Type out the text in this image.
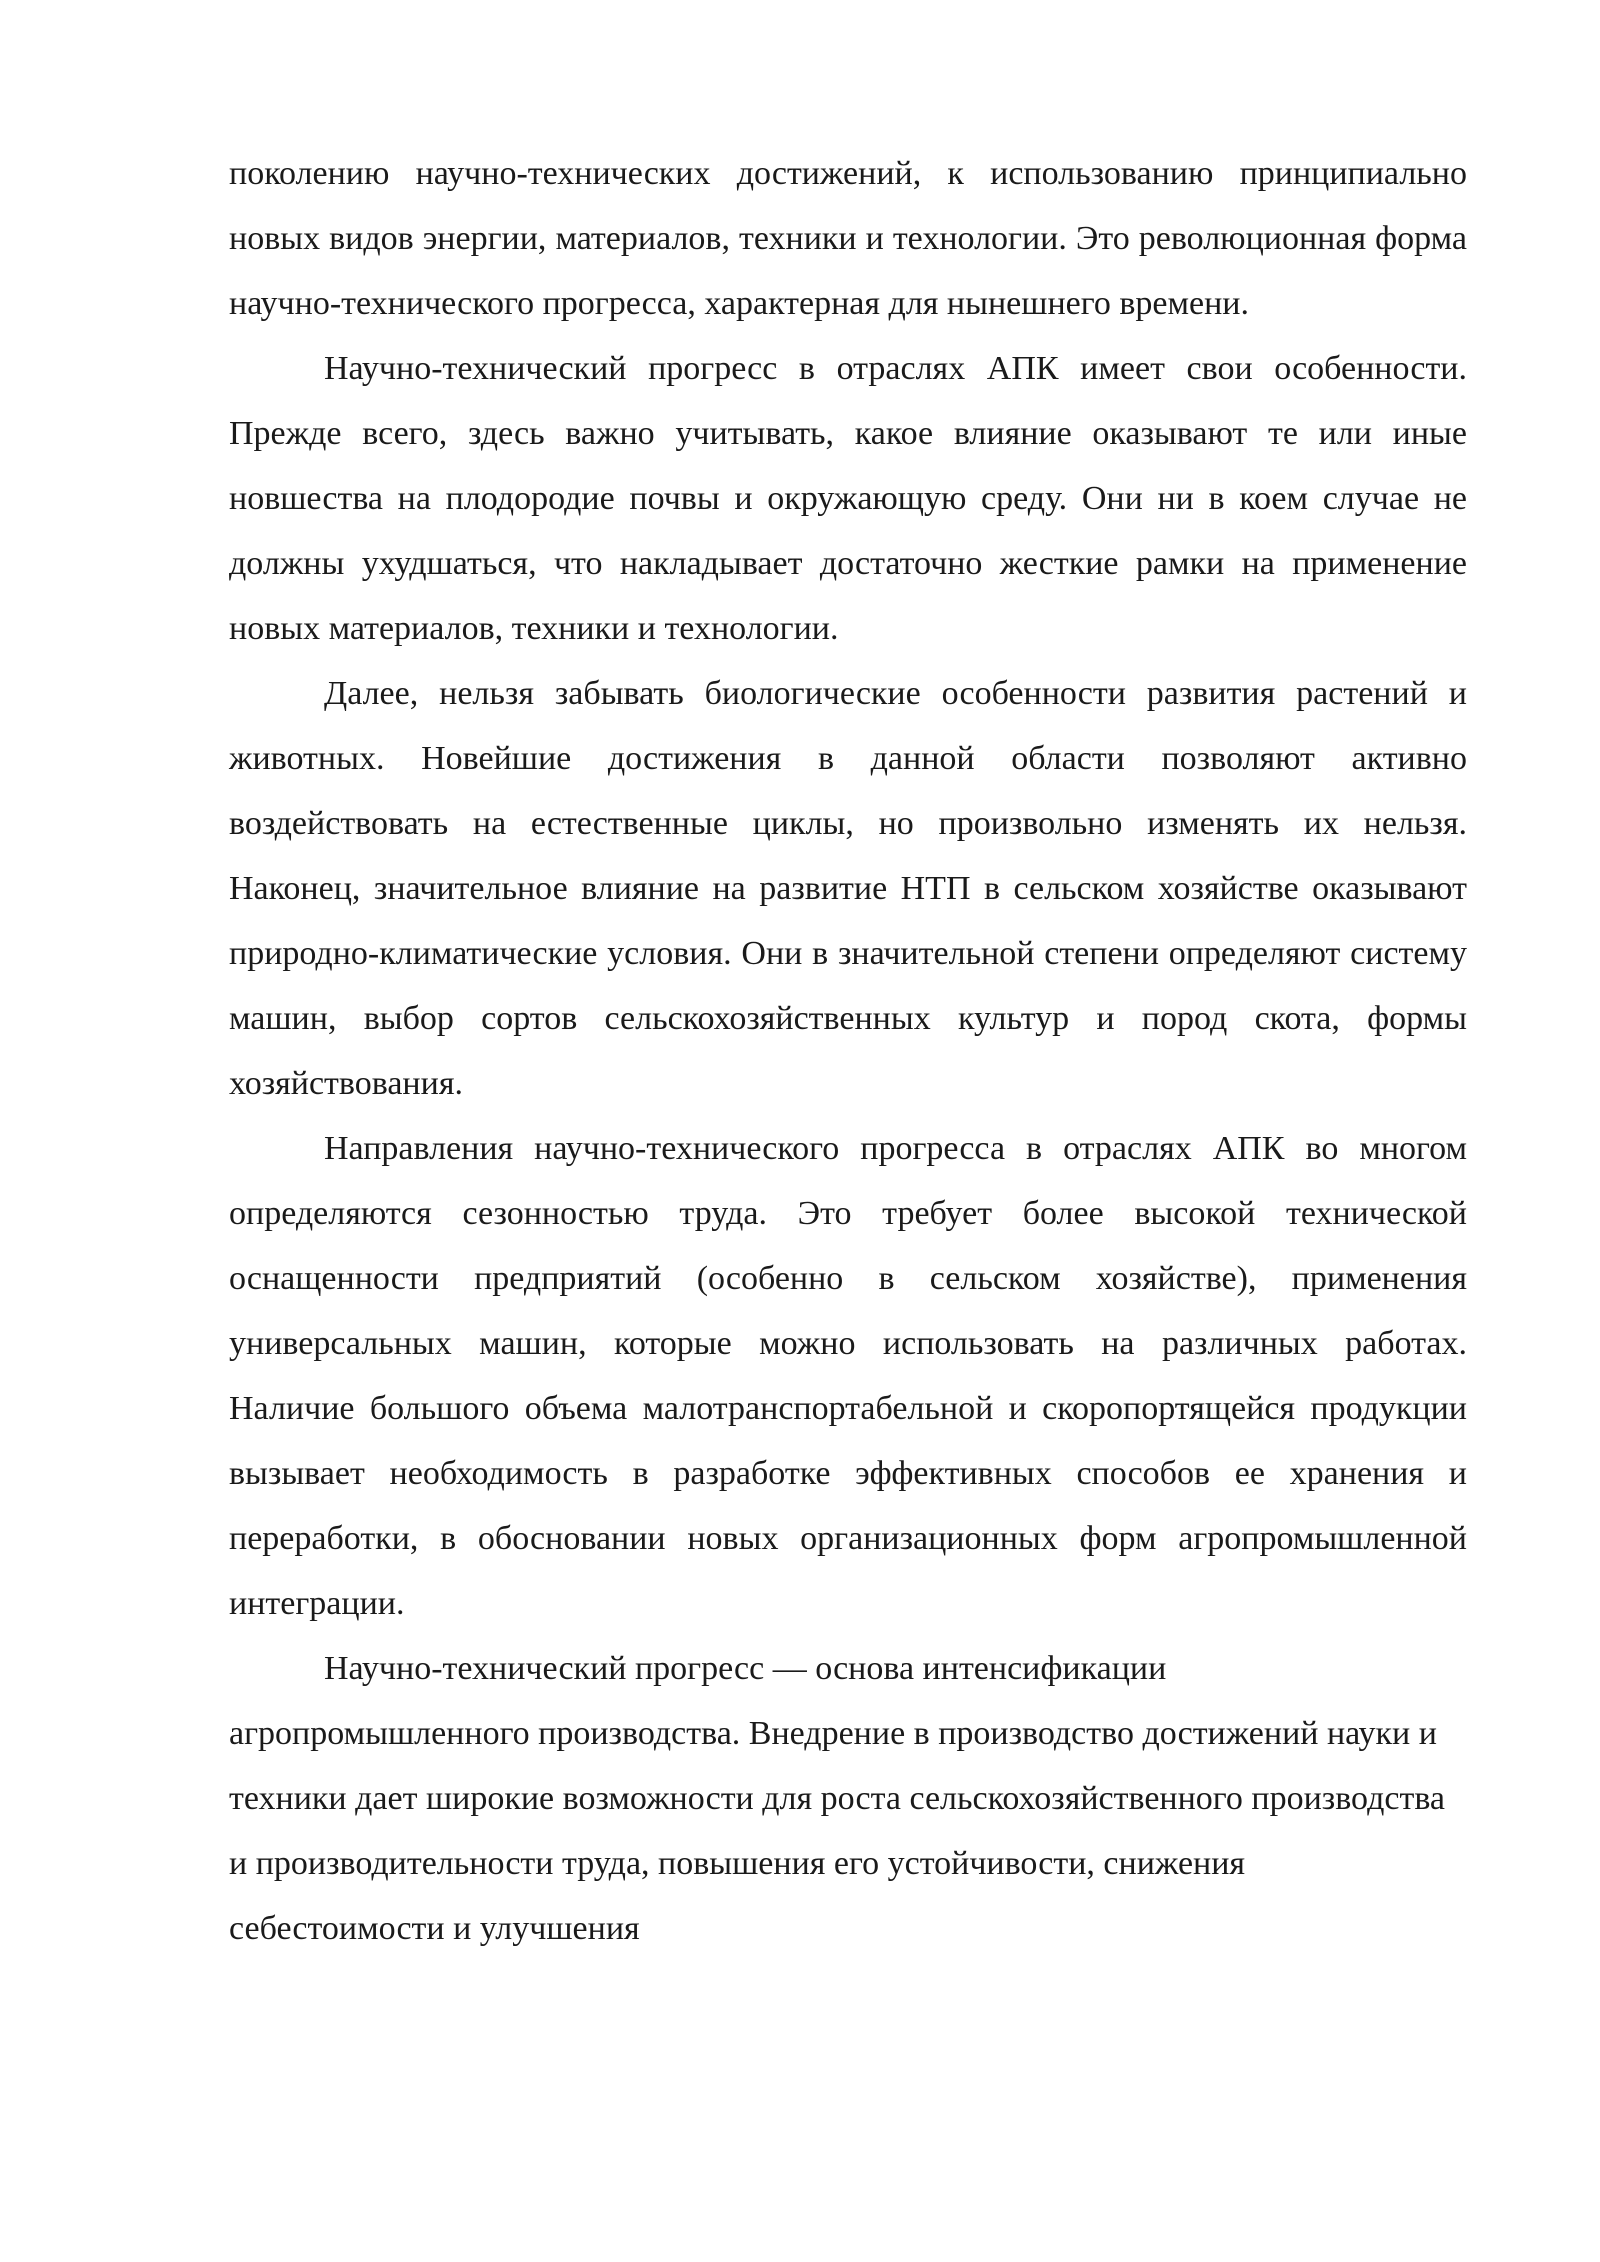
поколению научно-технических достижений, к использованию принципиально новых видов энергии, материалов, техники и технологии. Это революционная форма научно-технического прогресса, характерная для нынешнего времени.

Научно-технический прогресс в отраслях АПК имеет свои особенности. Прежде всего, здесь важно учитывать, какое влияние оказывают те или иные новшества на плодородие почвы и окружающую среду. Они ни в коем случае не должны ухудшаться, что накладывает достаточно жесткие рамки на применение новых материалов, техники и технологии.

Далее, нельзя забывать биологические особенности развития растений и животных. Новейшие достижения в данной области позволяют активно воздействовать на естественные циклы, но произвольно изменять их нельзя. Наконец, значительное влияние на развитие НТП в сельском хозяйстве оказывают природно-климатические условия. Они в значительной степени определяют систему машин, выбор сортов сельскохозяйственных культур и пород скота, формы хозяйствования.

Направления научно-технического прогресса в отраслях АПК во многом определяются сезонностью труда. Это требует более высокой технической оснащенности предприятий (особенно в сельском хозяйстве), применения универсальных машин, которые можно использовать на различных работах. Наличие большого объема малотранспортабельной и скоропортящейся продукции вызывает необходимость в разработке эффективных способов ее хранения и переработки, в обосновании новых организационных форм агропромышленной интеграции.

Научно-технический прогресс — основа интенсификации агропромышленного производства. Внедрение в производство достижений науки и техники дает широкие возможности для роста сельскохозяйственного производства и производительности труда, повышения его устойчивости, снижения себестоимости и улучшения
